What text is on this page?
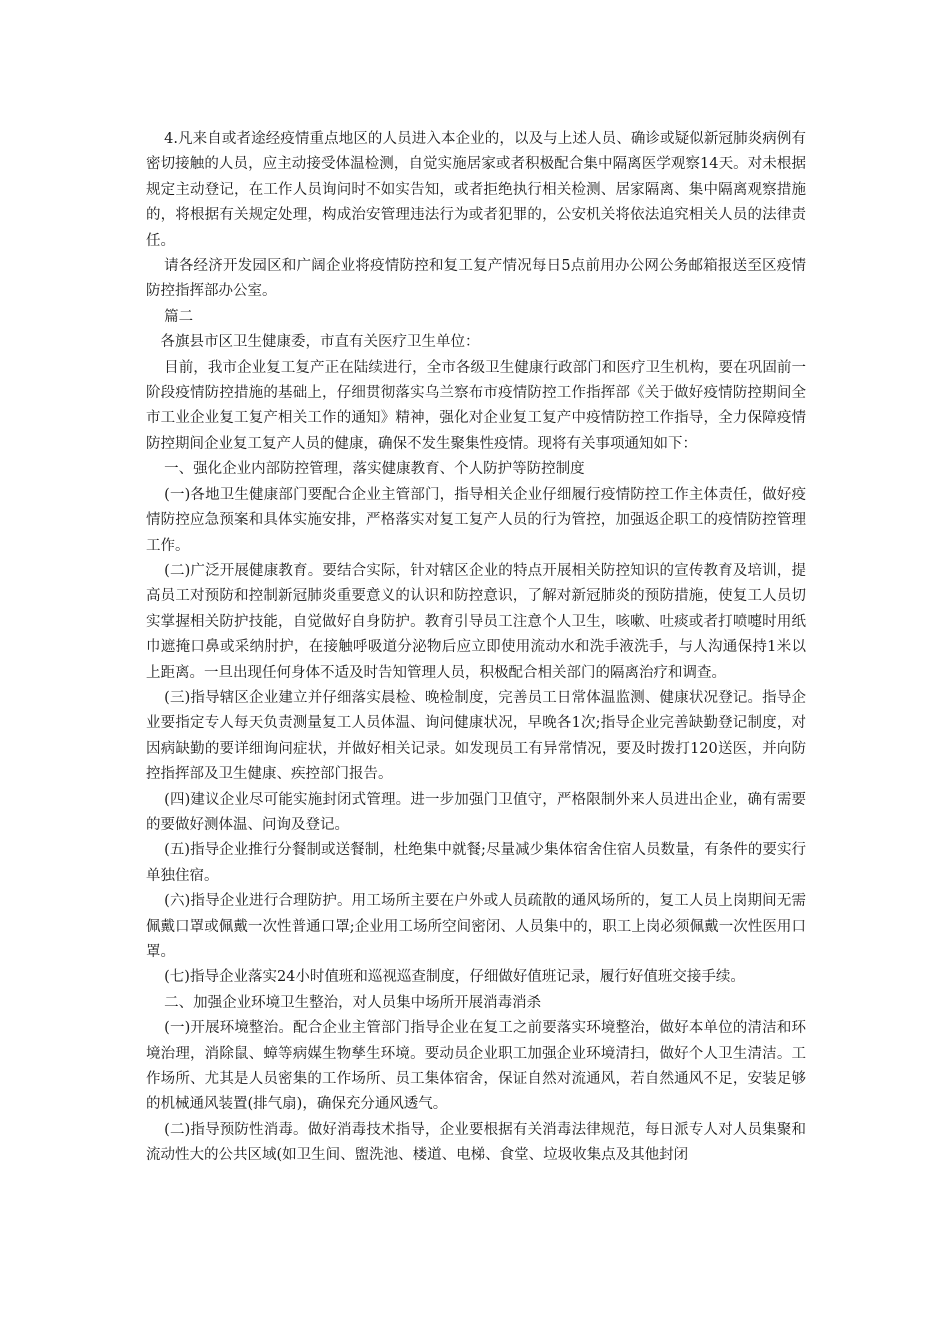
4.凡来自或者途经疫情重点地区的人员进入本企业的，以及与上述人员、确诊或疑似新冠肺炎病例有密切接触的人员，应主动接受体温检测，自觉实施居家或者积极配合集中隔离医学观察14天。对未根据规定主动登记，在工作人员询问时不如实告知，或者拒绝执行相关检测、居家隔离、集中隔离观察措施的，将根据有关规定处理，构成治安管理违法行为或者犯罪的，公安机关将依法追究相关人员的法律责任。

请各经济开发园区和广阔企业将疫情防控和复工复产情况每日5点前用办公网公务邮箱报送至区疫情防控指挥部办公室。

篇二

各旗县市区卫生健康委，市直有关医疗卫生单位：

目前，我市企业复工复产正在陆续进行，全市各级卫生健康行政部门和医疗卫生机构，要在巩固前一阶段疫情防控措施的基础上，仔细贯彻落实乌兰察布市疫情防控工作指挥部《关于做好疫情防控期间全市工业企业复工复产相关工作的通知》精神，强化对企业复工复产中疫情防控工作指导，全力保障疫情防控期间企业复工复产人员的健康，确保不发生聚集性疫情。现将有关事项通知如下：

一、强化企业内部防控管理，落实健康教育、个人防护等防控制度

(一)各地卫生健康部门要配合企业主管部门，指导相关企业仔细履行疫情防控工作主体责任，做好疫情防控应急预案和具体实施安排，严格落实对复工复产人员的行为管控，加强返企职工的疫情防控管理工作。

(二)广泛开展健康教育。要结合实际，针对辖区企业的特点开展相关防控知识的宣传教育及培训，提高员工对预防和控制新冠肺炎重要意义的认识和防控意识，了解对新冠肺炎的预防措施，使复工人员切实掌握相关防护技能，自觉做好自身防护。教育引导员工注意个人卫生，咳嗽、吐痰或者打喷嚏时用纸巾遮掩口鼻或采纳肘护，在接触呼吸道分泌物后应立即使用流动水和洗手液洗手，与人沟通保持1米以上距离。一旦出现任何身体不适及时告知管理人员，积极配合相关部门的隔离治疗和调查。

(三)指导辖区企业建立并仔细落实晨检、晚检制度，完善员工日常体温监测、健康状况登记。指导企业要指定专人每天负责测量复工人员体温、询问健康状况，早晚各1次;指导企业完善缺勤登记制度，对因病缺勤的要详细询问症状，并做好相关记录。如发现员工有异常情况，要及时拨打120送医，并向防控指挥部及卫生健康、疾控部门报告。

(四)建议企业尽可能实施封闭式管理。进一步加强门卫值守，严格限制外来人员进出企业，确有需要的要做好测体温、问询及登记。

(五)指导企业推行分餐制或送餐制，杜绝集中就餐;尽量减少集体宿舍住宿人员数量，有条件的要实行单独住宿。

(六)指导企业进行合理防护。用工场所主要在户外或人员疏散的通风场所的，复工人员上岗期间无需佩戴口罩或佩戴一次性普通口罩;企业用工场所空间密闭、人员集中的，职工上岗必须佩戴一次性医用口罩。

(七)指导企业落实24小时值班和巡视巡查制度，仔细做好值班记录，履行好值班交接手续。

二、加强企业环境卫生整治，对人员集中场所开展消毒消杀

(一)开展环境整治。配合企业主管部门指导企业在复工之前要落实环境整治，做好本单位的清洁和环境治理，消除鼠、蟑等病媒生物孳生环境。要动员企业职工加强企业环境清扫，做好个人卫生清洁。工作场所、尤其是人员密集的工作场所、员工集体宿舍，保证自然对流通风，若自然通风不足，安装足够的机械通风装置(排气扇)，确保充分通风透气。

(二)指导预防性消毒。做好消毒技术指导，企业要根据有关消毒法律规范，每日派专人对人员集聚和流动性大的公共区域(如卫生间、盥洗池、楼道、电梯、食堂、垃圾收集点及其他封闭
